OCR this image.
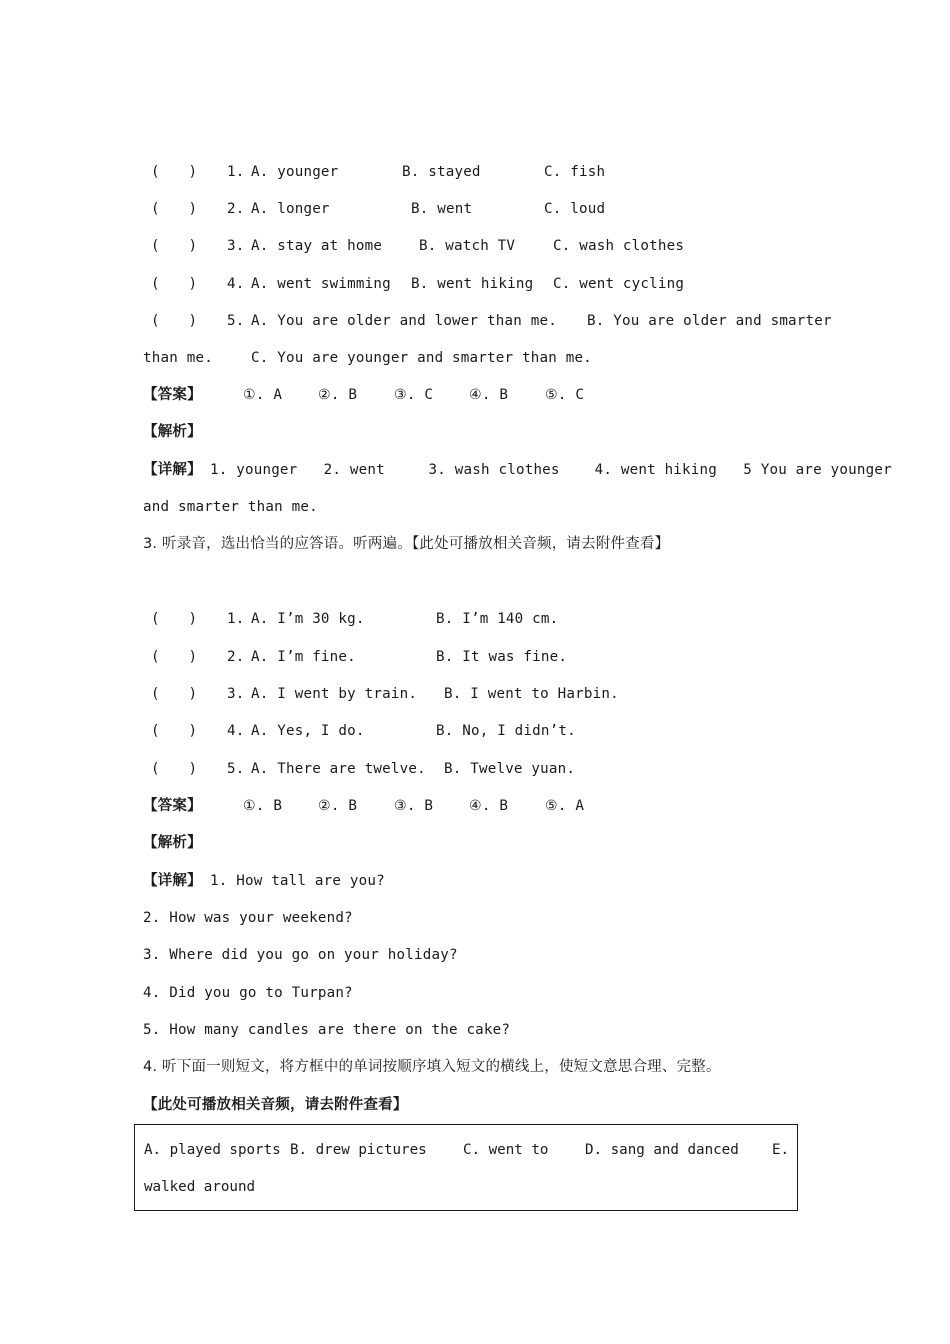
(　　)

1.

A. younger

	B. stayed

	C. fish

(　　)

2.

A. longer

	B. went

	C. loud

(　　)

3.

A. stay at home

	B. watch TV

	C. wash clothes

(　　)

4.

A. went swimming

B. went hiking

C. went cycling

(　　)

5.

A. You are older and lower than me.

B. You are older and smarter

than me.

	C. You are younger and smarter than me.

【答案】

	①. A

	②. B

	③. C

	④. B

	⑤. C

【解析】

【详解】

1. younger   2. went     3. wash clothes    4. went hiking   5 You are younger

and smarter than me.

3. 听录音，选出恰当的应答语。听两遍。【此处可播放相关音频，请去附件查看】

(　　)

1.

A. I’m 30 kg.

	B. I’m 140 cm.

(　　)

2.

A. I’m fine.

	B. It was fine.

(　　)

3.

A. I went by train.

B. I went to Harbin.

(　　)

4.

A. Yes, I do.

	B. No, I didn’t.

(　　)

5.

A. There are twelve.

B. Twelve yuan.

【答案】

	①. B

	②. B

	③. B

	④. B

	⑤. A

【解析】

【详解】

1. How tall are you?

2. How was your weekend?

3. Where did you go on your holiday?

4. Did you go to Turpan?

5. How many candles are there on the cake?

4. 听下面一则短文，将方框中的单词按顺序填入短文的横线上，使短文意思合理、完整。

【此处可播放相关音频，请去附件查看】

A. played sports

B. drew pictures

	C. went to

	D. sang and danced

E.

walked around
